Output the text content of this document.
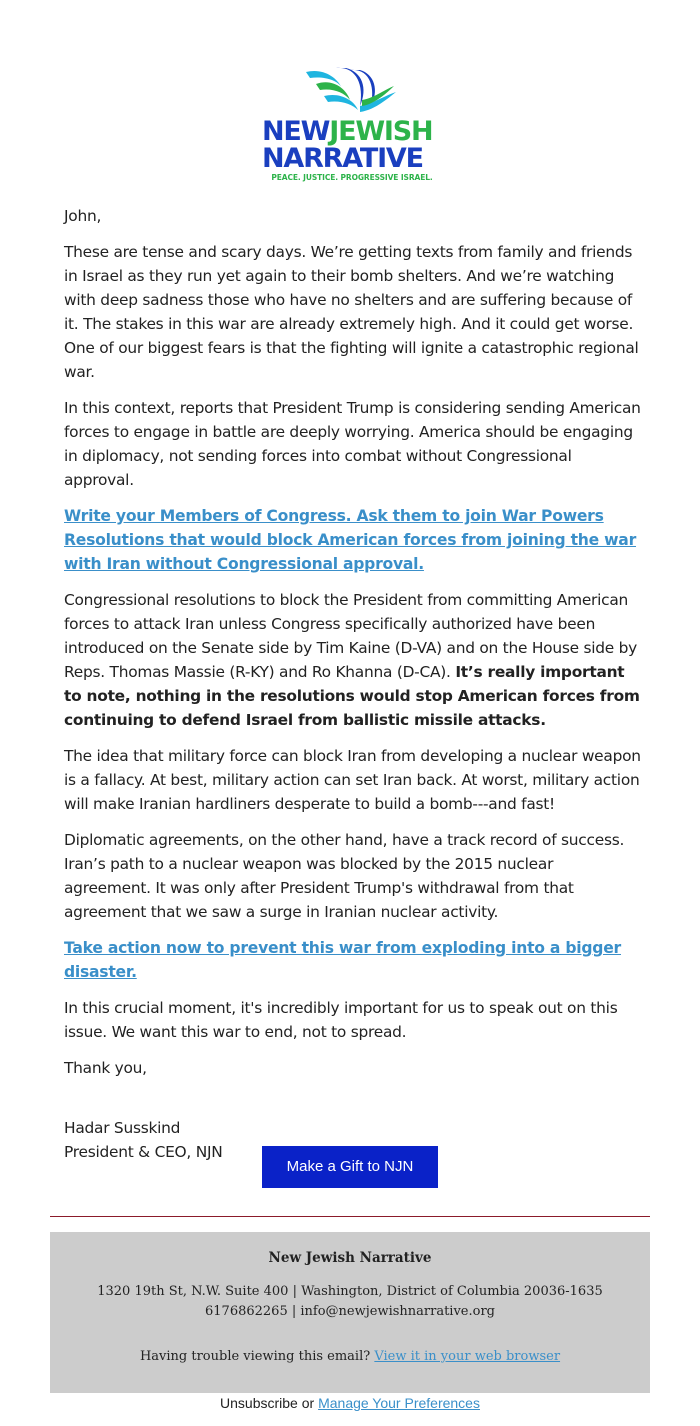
NEWJEWISH
NARRATIVE
PEACE. JUSTICE. PROGRESSIVE ISRAEL.

John,

These are tense and scary days. We’re getting texts from family and friends in Israel as they run yet again to their bomb shelters. And we’re watching with deep sadness those who have no shelters and are suffering because of it. The stakes in this war are already extremely high. And it could get worse. One of our biggest fears is that the fighting will ignite a catastrophic regional war.

In this context, reports that President Trump is considering sending American forces to engage in battle are deeply worrying. America should be engaging in diplomacy, not sending forces into combat without Congressional approval.

Write your Members of Congress. Ask them to join War Powers Resolutions that would block American forces from joining the war with Iran without Congressional approval.

Congressional resolutions to block the President from committing American forces to attack Iran unless Congress specifically authorized have been introduced on the Senate side by Tim Kaine (D-VA) and on the House side by Reps. Thomas Massie (R-KY) and Ro Khanna (D-CA). It’s really important to note, nothing in the resolutions would stop American forces from continuing to defend Israel from ballistic missile attacks.

The idea that military force can block Iran from developing a nuclear weapon is a fallacy. At best, military action can set Iran back. At worst, military action will make Iranian hardliners desperate to build a bomb---and fast!

Diplomatic agreements, on the other hand, have a track record of success. Iran’s path to a nuclear weapon was blocked by the 2015 nuclear agreement. It was only after President Trump's withdrawal from that agreement that we saw a surge in Iranian nuclear activity.

Take action now to prevent this war from exploding into a bigger disaster.

In this crucial moment, it's incredibly important for us to speak out on this issue. We want this war to end, not to spread.

Thank you,

Hadar Susskind
President & CEO, NJN
Make a Gift to NJN
New Jewish Narrative
1320 19th St, N.W. Suite 400 | Washington, District of Columbia 20036-1635
6176862265 | info@newjewishnarrative.org
Having trouble viewing this email? View it in your web browser
Unsubscribe or Manage Your Preferences
